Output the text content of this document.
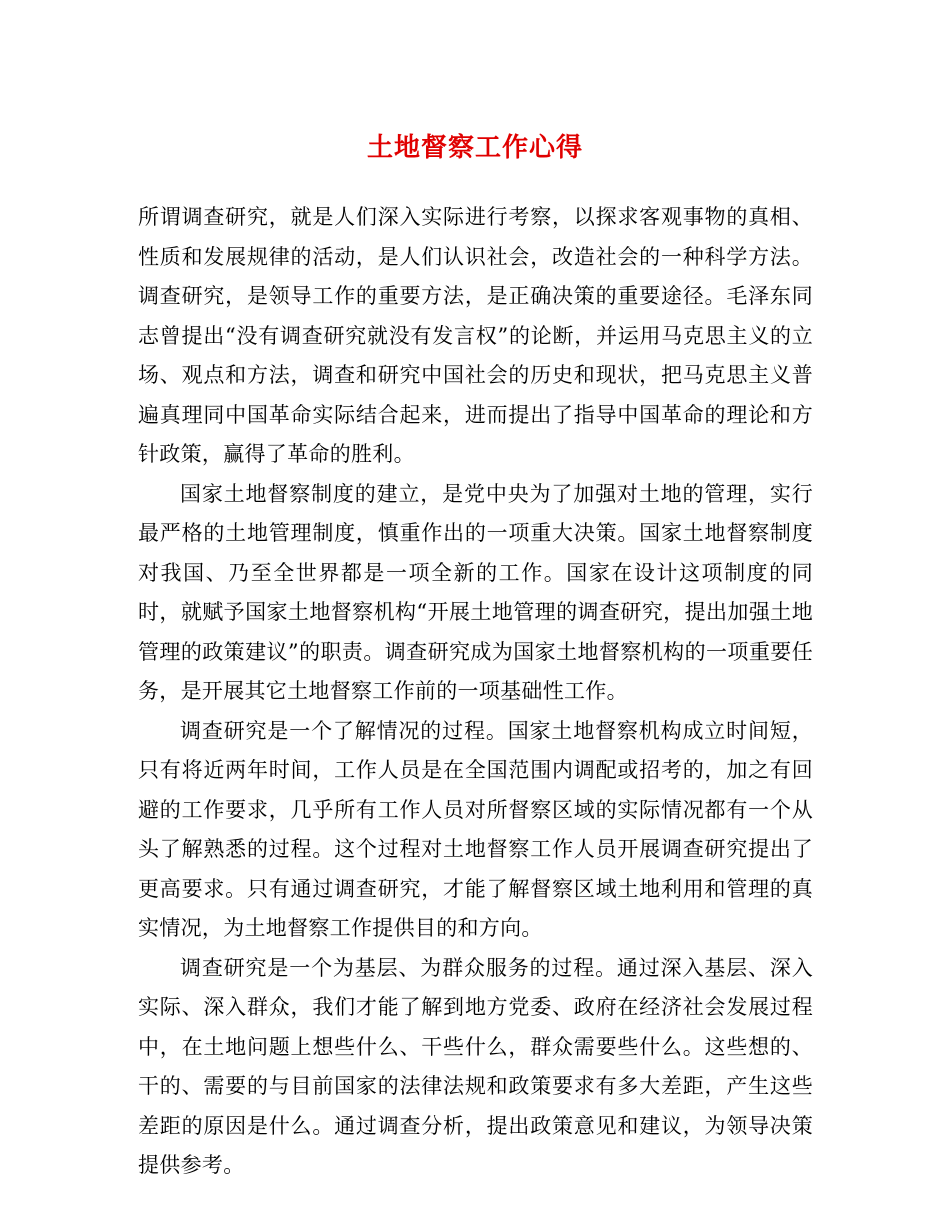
土地督察工作心得

所谓调查研究，就是人们深入实际进行考察，以探求客观事物的真相、性质和发展规律的活动，是人们认识社会，改造社会的一种科学方法。调查研究，是领导工作的重要方法，是正确决策的重要途径。毛泽东同志曾提出“没有调查研究就没有发言权”的论断，并运用马克思主义的立场、观点和方法，调查和研究中国社会的历史和现状，把马克思主义普遍真理同中国革命实际结合起来，进而提出了指导中国革命的理论和方针政策，赢得了革命的胜利。

国家土地督察制度的建立，是党中央为了加强对土地的管理，实行最严格的土地管理制度，慎重作出的一项重大决策。国家土地督察制度对我国、乃至全世界都是一项全新的工作。国家在设计这项制度的同时，就赋予国家土地督察机构“开展土地管理的调查研究，提出加强土地管理的政策建议”的职责。调查研究成为国家土地督察机构的一项重要任务，是开展其它土地督察工作前的一项基础性工作。

调查研究是一个了解情况的过程。国家土地督察机构成立时间短，只有将近两年时间，工作人员是在全国范围内调配或招考的，加之有回避的工作要求，几乎所有工作人员对所督察区域的实际情况都有一个从头了解熟悉的过程。这个过程对土地督察工作人员开展调查研究提出了更高要求。只有通过调查研究，才能了解督察区域土地利用和管理的真实情况，为土地督察工作提供目的和方向。

调查研究是一个为基层、为群众服务的过程。通过深入基层、深入实际、深入群众，我们才能了解到地方党委、政府在经济社会发展过程中，在土地问题上想些什么、干些什么，群众需要些什么。这些想的、干的、需要的与目前国家的法律法规和政策要求有多大差距，产生这些差距的原因是什么。通过调查分析，提出政策意见和建议，为领导决策提供参考。
